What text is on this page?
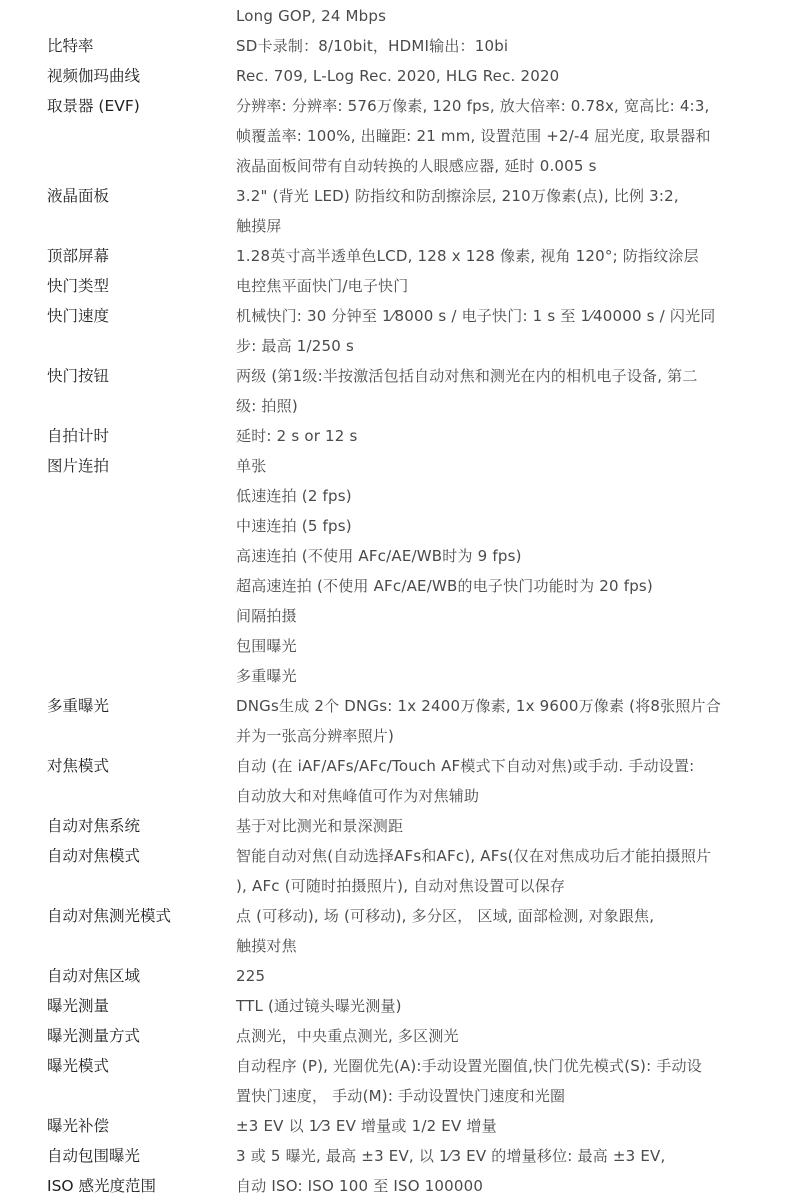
Long GOP, 24 Mbps
比特率	SD卡录制：8/10bit，HDMI输出：10bi
视频伽玛曲线	Rec. 709, L-Log Rec. 2020, HLG Rec. 2020
取景器 (EVF)	分辨率: 分辨率: 576万像素, 120 fps, 放大倍率: 0.78x, 宽高比: 4:3,
帧覆盖率: 100%, 出瞳距: 21 mm, 设置范围 +2/-4 屈光度, 取景器和
液晶面板间带有自动转换的人眼感应器, 延时 0.005 s
液晶面板	3.2" (背光 LED) 防指纹和防刮擦涂层, 210万像素(点), 比例 3:2,
触摸屏
顶部屏幕	1.28英寸高半透单色LCD, 128 x 128 像素, 视角 120°; 防指纹涂层
快门类型	电控焦平面快门/电子快门
快门速度	机械快门: 30 分钟至 1⁄8000 s / 电子快门: 1 s 至 1⁄40000 s / 闪光同
步: 最高 1/250 s
快门按钮	两级 (第1级:半按激活包括自动对焦和测光在内的相机电子设备, 第二
级: 拍照)
自拍计时	延时: 2 s or 12 s
图片连拍	单张
低速连拍 (2 fps)
中速连拍 (5 fps)
高速连拍 (不使用 AFc/AE/WB时为 9 fps)
超高速连拍 (不使用 AFc/AE/WB的电子快门功能时为 20 fps)
间隔拍摄
包围曝光
多重曝光
多重曝光	DNGs生成 2个 DNGs: 1x 2400万像素, 1x 9600万像素 (将8张照片合
并为一张高分辨率照片)
对焦模式	自动 (在 iAF/AFs/AFc/Touch AF模式下自动对焦)或手动. 手动设置:
自动放大和对焦峰值可作为对焦辅助
自动对焦系统	基于对比测光和景深测距
自动对焦模式	智能自动对焦(自动选择AFs和AFc), AFs(仅在对焦成功后才能拍摄照片
), AFc (可随时拍摄照片), 自动对焦设置可以保存
自动对焦测光模式	点 (可移动), 场 (可移动), 多分区， 区域, 面部检测, 对象跟焦,
触摸对焦
自动对焦区域	225
曝光测量	TTL (通过镜头曝光测量)
曝光测量方式	点测光，中央重点测光, 多区测光
曝光模式	自动程序 (P), 光圈优先(A):手动设置光圈值,快门优先模式(S): 手动设
置快门速度， 手动(M): 手动设置快门速度和光圈
曝光补偿	±3 EV 以 1⁄3 EV 增量或 1/2 EV 增量
自动包围曝光	3 或 5 曝光, 最高 ±3 EV, 以 1⁄3 EV 的增量移位: 最高 ±3 EV,
ISO 感光度范围	自动 ISO: ISO 100 至 ISO 100000
